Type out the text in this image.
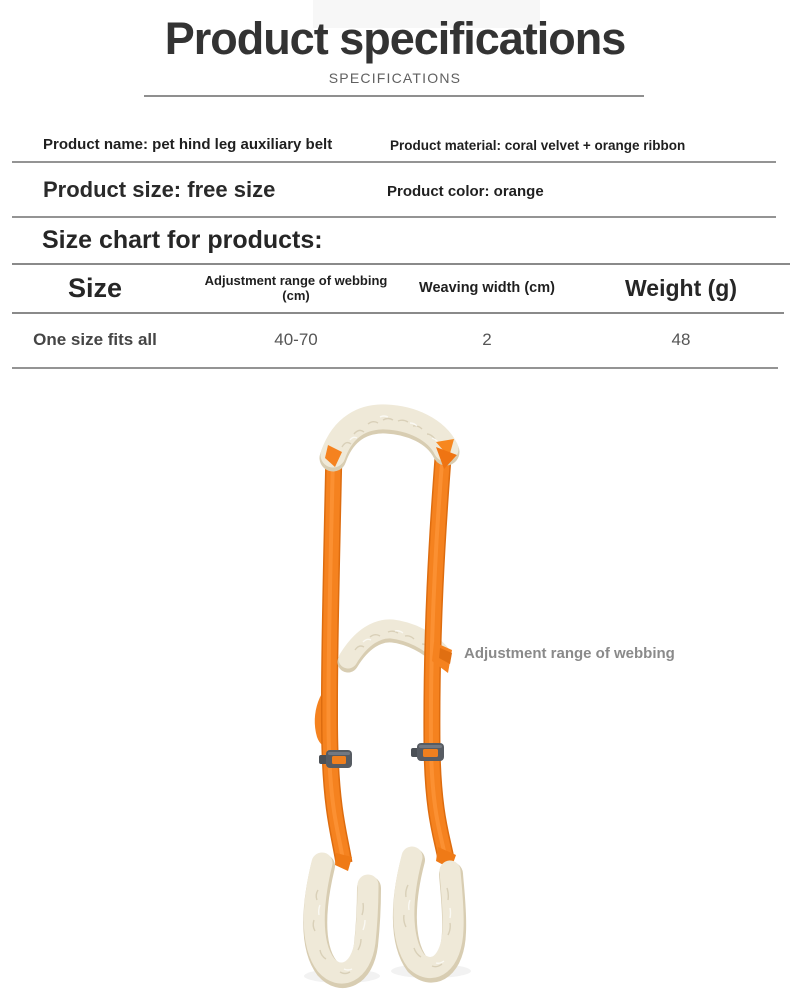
Product specifications
SPECIFICATIONS
Product name: pet hind leg auxiliary belt	Product material: coral velvet + orange ribbon
Product size: free size	Product color: orange
Size chart for products:
Size	Adjustment range of webbing (cm)	Weaving width (cm)	Weight (g)
One size fits all	40-70	2	48
Adjustment range of webbing
